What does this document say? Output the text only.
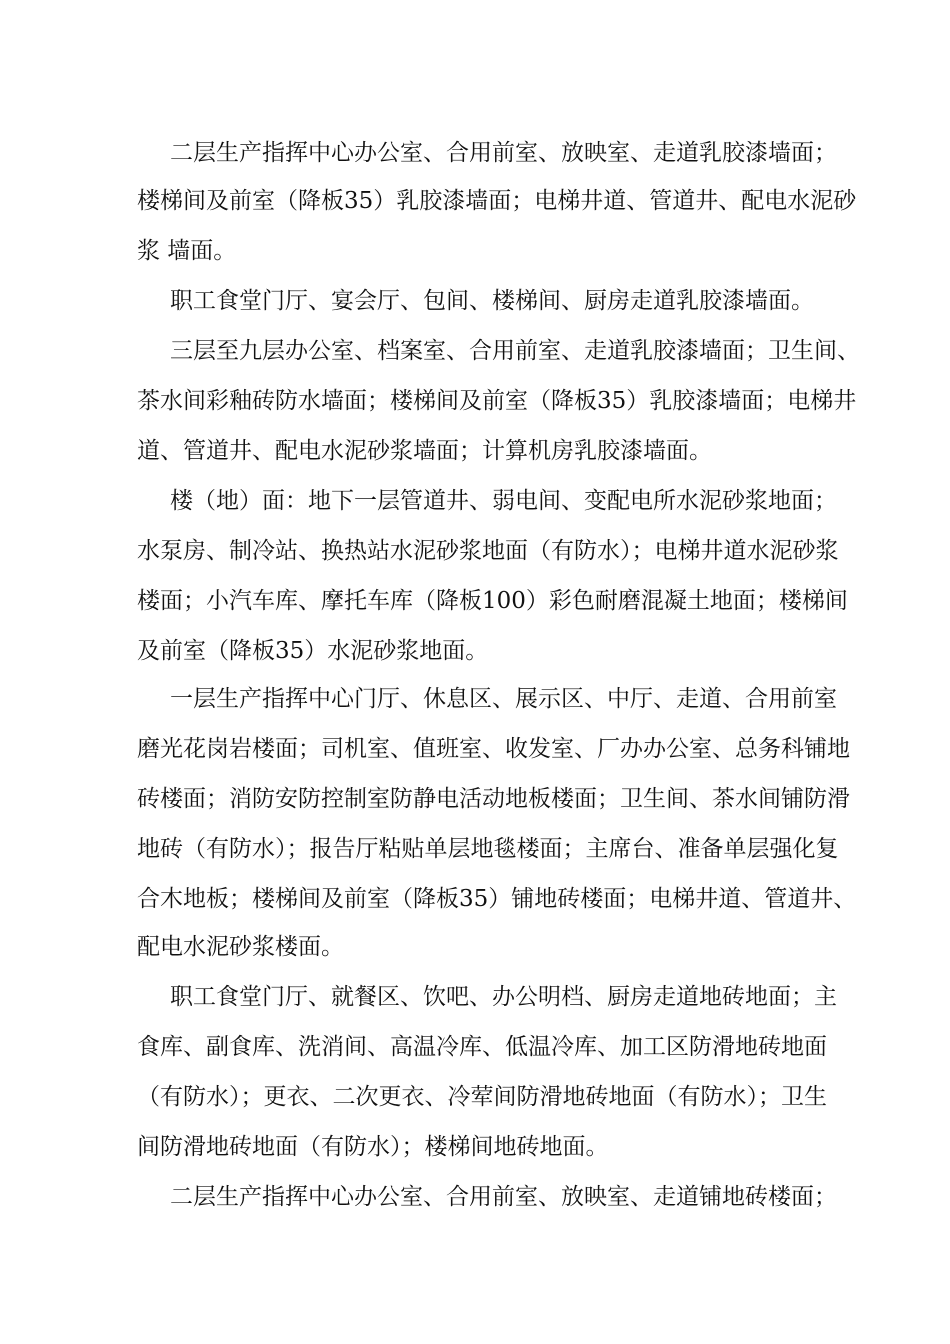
二层生产指挥中心办公室、合用前室、放映室、走道乳胶漆墙面；

楼梯间及前室（降板35）乳胶漆墙面；电梯井道、管道井、配电水泥砂

浆 墙面。

职工食堂门厅、宴会厅、包间、楼梯间、厨房走道乳胶漆墙面。

三层至九层办公室、档案室、合用前室、走道乳胶漆墙面；卫生间、

茶水间彩釉砖防水墙面；楼梯间及前室（降板35）乳胶漆墙面；电梯井

道、管道井、配电水泥砂浆墙面；计算机房乳胶漆墙面。

楼（地）面：地下一层管道井、弱电间、变配电所水泥砂浆地面；

水泵房、制冷站、换热站水泥砂浆地面（有防水）；电梯井道水泥砂浆

楼面；小汽车库、摩托车库（降板100）彩色耐磨混凝土地面；楼梯间

及前室（降板35）水泥砂浆地面。

一层生产指挥中心门厅、休息区、展示区、中厅、走道、合用前室

磨光花岗岩楼面；司机室、值班室、收发室、厂办办公室、总务科铺地

砖楼面；消防安防控制室防静电活动地板楼面；卫生间、茶水间铺防滑

地砖（有防水）；报告厅粘贴单层地毯楼面；主席台、准备单层强化复

合木地板；楼梯间及前室（降板35）铺地砖楼面；电梯井道、管道井、

配电水泥砂浆楼面。

职工食堂门厅、就餐区、饮吧、办公明档、厨房走道地砖地面；主

食库、副食库、洗消间、高温冷库、低温冷库、加工区防滑地砖地面

（有防水）；更衣、二次更衣、冷荤间防滑地砖地面（有防水）；卫生

间防滑地砖地面（有防水）；楼梯间地砖地面。

二层生产指挥中心办公室、合用前室、放映室、走道铺地砖楼面；
